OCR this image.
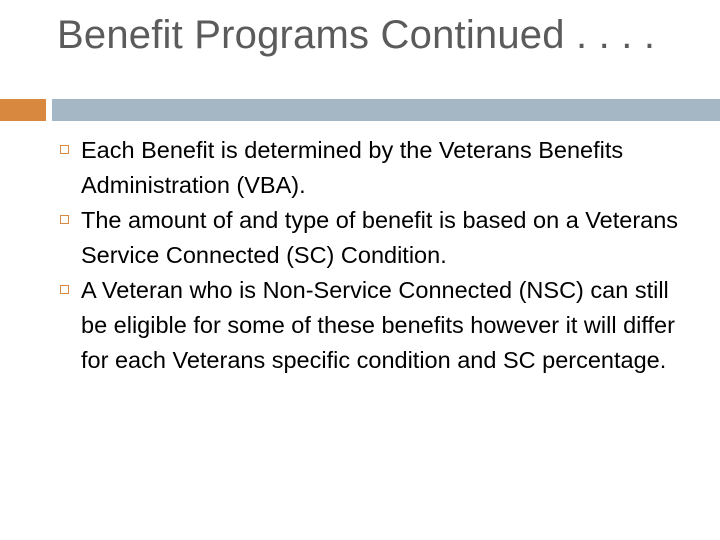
Benefit Programs Continued . . . .
Each Benefit is determined by the Veterans Benefits Administration (VBA).
The amount of and type of benefit is based on a Veterans Service Connected (SC) Condition.
A Veteran who is Non-Service Connected (NSC) can still be eligible for some of these benefits however it will differ for each Veterans specific condition and SC percentage.
